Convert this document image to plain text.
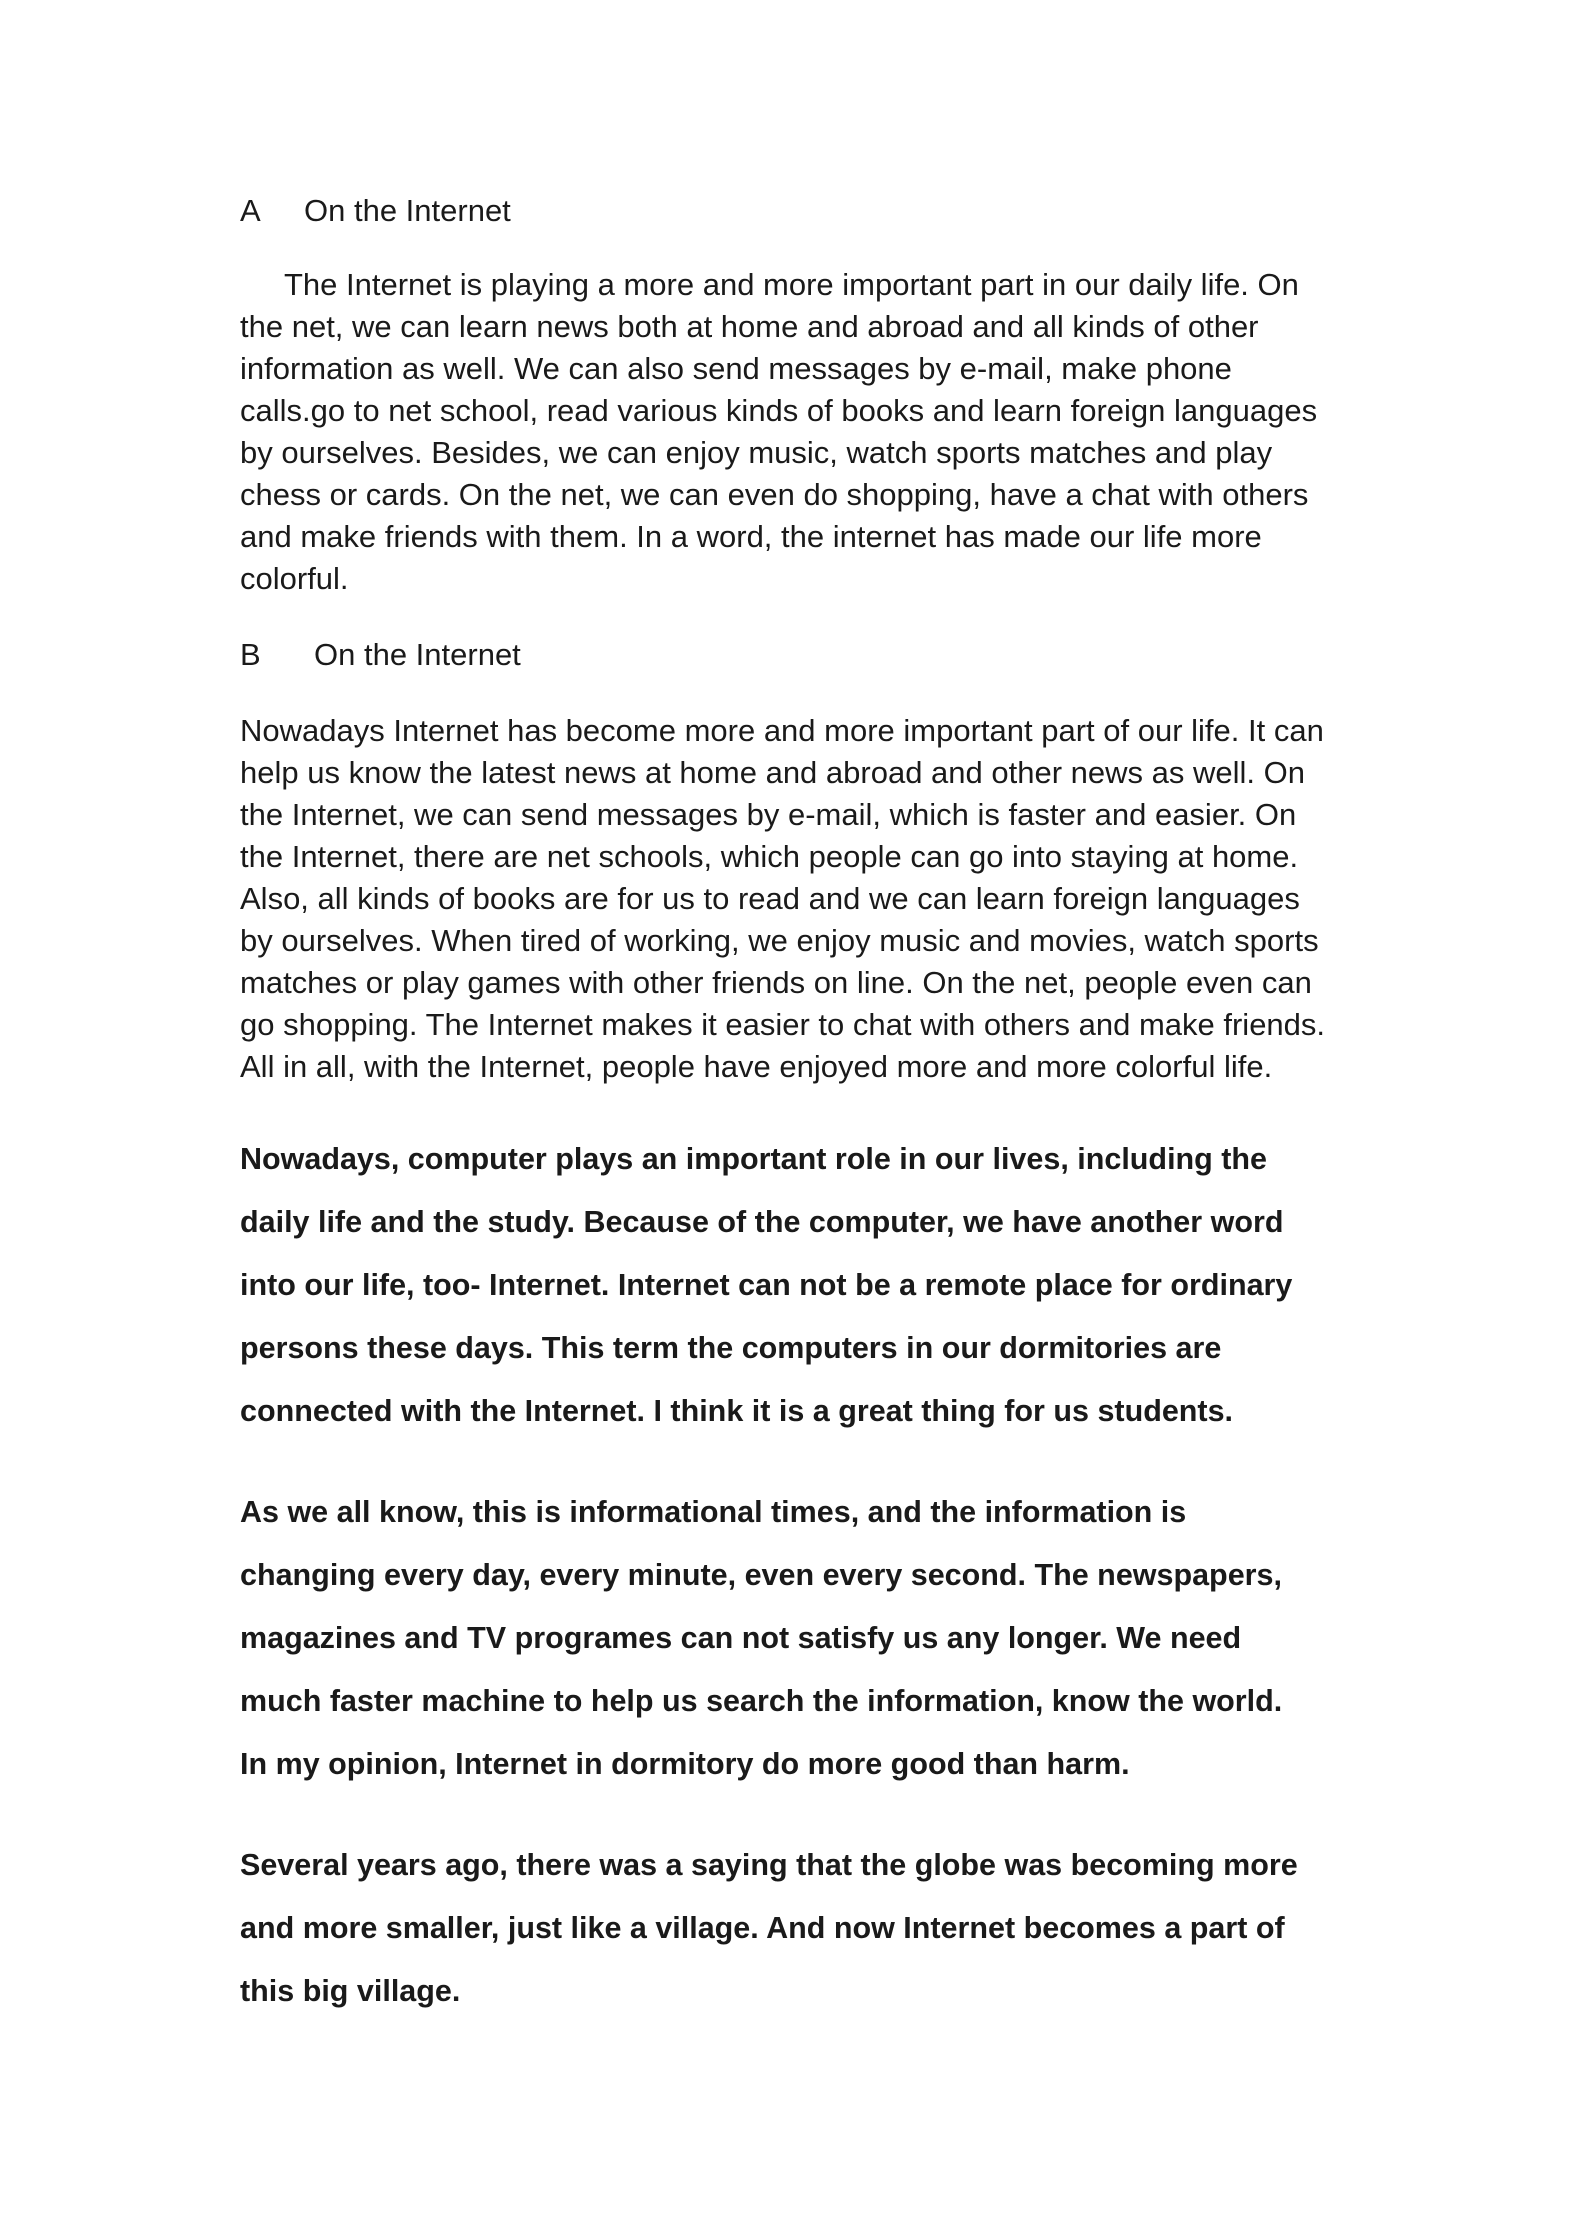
A On the Internet

The Internet is playing a more and more important part in our daily life. On
the net, we can learn news both at home and abroad and all kinds of other
information as well. We can also send messages by e-mail, make phone
calls.go to net school, read various kinds of books and learn foreign languages
by ourselves. Besides, we can enjoy music, watch sports matches and play
chess or cards. On the net, we can even do shopping, have a chat with others
and make friends with them. In a word, the internet has made our life more
colorful.

B On the Internet

Nowadays Internet has become more and more important part of our life. It can
help us know the latest news at home and abroad and other news as well. On
the Internet, we can send messages by e-mail, which is faster and easier. On
the Internet, there are net schools, which people can go into staying at home.
Also, all kinds of books are for us to read and we can learn foreign languages
by ourselves. When tired of working, we enjoy music and movies, watch sports
matches or play games with other friends on line. On the net, people even can
go shopping. The Internet makes it easier to chat with others and make friends.
All in all, with the Internet, people have enjoyed more and more colorful life.

Nowadays, computer plays an important role in our lives, including the
daily life and the study. Because of the computer, we have another word
into our life, too- Internet. Internet can not be a remote place for ordinary
persons these days. This term the computers in our dormitories are
connected with the Internet. I think it is a great thing for us students.

As we all know, this is informational times, and the information is
changing every day, every minute, even every second. The newspapers,
magazines and TV programes can not satisfy us any longer. We need
much faster machine to help us search the information, know the world.
In my opinion, Internet in dormitory do more good than harm.

Several years ago, there was a saying that the globe was becoming more
and more smaller, just like a village. And now Internet becomes a part of
this big village.
